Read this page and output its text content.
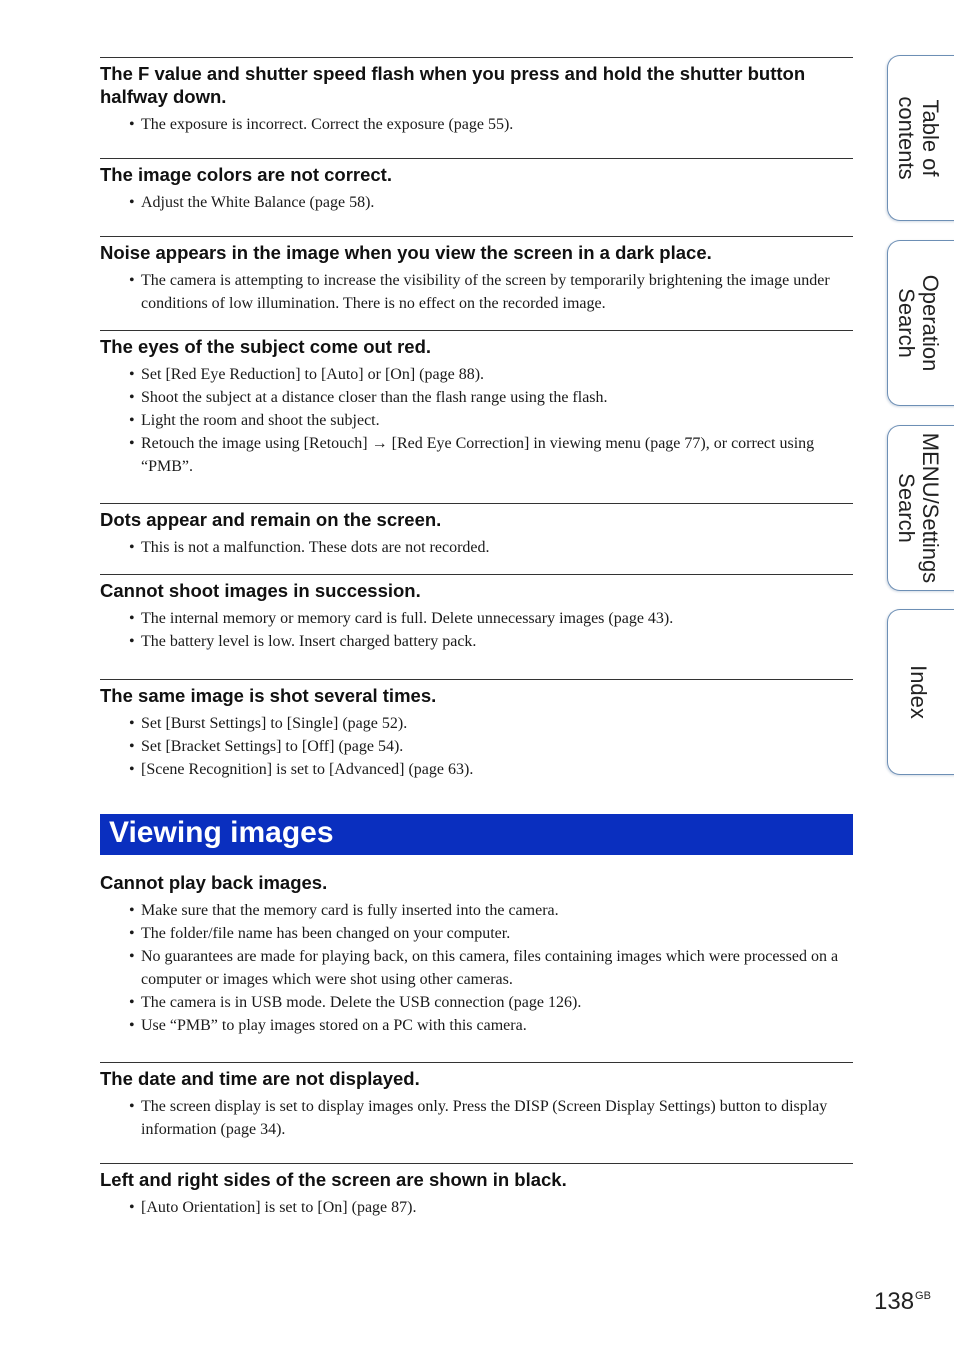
The F value and shutter speed flash when you press and hold the shutter button halfway down.
• The exposure is incorrect. Correct the exposure (page 55).
The image colors are not correct.
• Adjust the White Balance (page 58).
Noise appears in the image when you view the screen in a dark place.
• The camera is attempting to increase the visibility of the screen by temporarily brightening the image under conditions of low illumination. There is no effect on the recorded image.
The eyes of the subject come out red.
• Set [Red Eye Reduction] to [Auto] or [On] (page 88).
• Shoot the subject at a distance closer than the flash range using the flash.
• Light the room and shoot the subject.
• Retouch the image using [Retouch] → [Red Eye Correction] in viewing menu (page 77), or correct using “PMB”.
Dots appear and remain on the screen.
• This is not a malfunction. These dots are not recorded.
Cannot shoot images in succession.
• The internal memory or memory card is full. Delete unnecessary images (page 43).
• The battery level is low. Insert charged battery pack.
The same image is shot several times.
• Set [Burst Settings] to [Single] (page 52).
• Set [Bracket Settings] to [Off] (page 54).
• [Scene Recognition] is set to [Advanced] (page 63).
Viewing images
Cannot play back images.
• Make sure that the memory card is fully inserted into the camera.
• The folder/file name has been changed on your computer.
• No guarantees are made for playing back, on this camera, files containing images which were processed on a computer or images which were shot using other cameras.
• The camera is in USB mode. Delete the USB connection (page 126).
• Use “PMB” to play images stored on a PC with this camera.
The date and time are not displayed.
• The screen display is set to display images only. Press the DISP (Screen Display Settings) button to display information (page 34).
Left and right sides of the screen are shown in black.
• [Auto Orientation] is set to [On] (page 87).
Table of
contents
Operation
Search
MENU/Settings
Search
Index
$138^{GB}$
